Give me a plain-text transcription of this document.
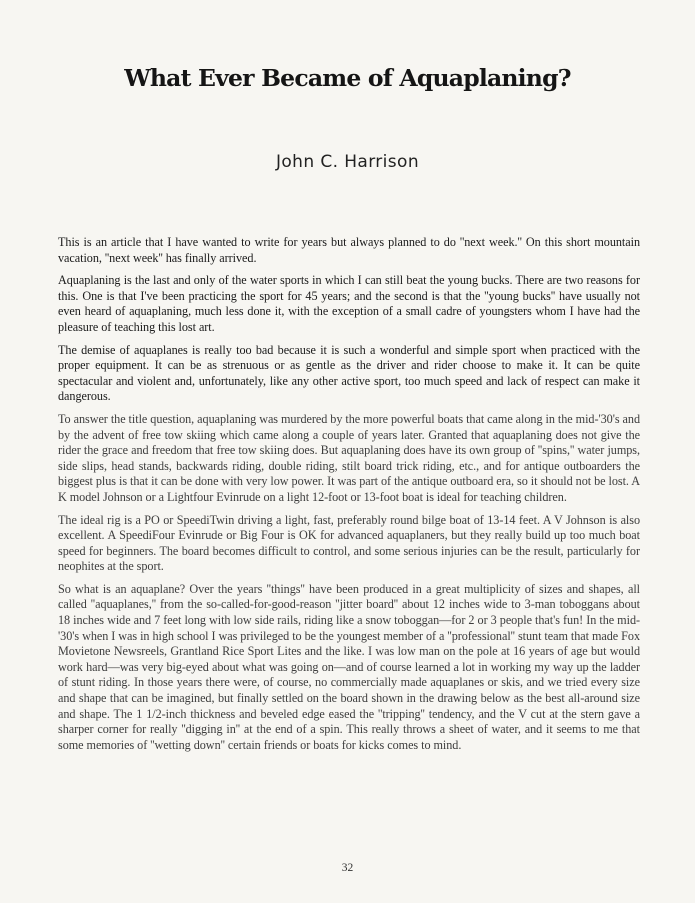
What Ever Became of Aquaplaning?
John C. Harrison

This is an article that I have wanted to write for years but always planned to do ''next week.'' On this short mountain vacation, ''next week'' has finally arrived.

Aquaplaning is the last and only of the water sports in which I can still beat the young bucks. There are two reasons for this. One is that I've been practicing the sport for 45 years; and the second is that the ''young bucks'' have usually not even heard of aquaplaning, much less done it, with the exception of a small cadre of youngsters whom I have had the pleasure of teaching this lost art.

The demise of aquaplanes is really too bad because it is such a wonderful and simple sport when practiced with the proper equipment. It can be as strenuous or as gentle as the driver and rider choose to make it. It can be quite spectacular and violent and, unfortunately, like any other active sport, too much speed and lack of respect can make it dangerous.

To answer the title question, aquaplaning was murdered by the more powerful boats that came along in the mid-'30's and by the advent of free tow skiing which came along a couple of years later. Granted that aquaplaning does not give the rider the grace and freedom that free tow skiing does. But aquaplaning does have its own group of ''spins,'' water jumps, side slips, head stands, backwards riding, double riding, stilt board trick riding, etc., and for antique outboarders the biggest plus is that it can be done with very low power. It was part of the antique outboard era, so it should not be lost. A K model Johnson or a Lightfour Evinrude on a light 12-foot or 13-foot boat is ideal for teaching children.

The ideal rig is a PO or SpeediTwin driving a light, fast, preferably round bilge boat of 13-14 feet. A V Johnson is also excellent. A SpeediFour Evinrude or Big Four is OK for advanced aquaplaners, but they really build up too much boat speed for beginners. The board becomes difficult to control, and some serious injuries can be the result, particularly for neophites at the sport.

So what is an aquaplane? Over the years ''things'' have been produced in a great multiplicity of sizes and shapes, all called ''aquaplanes,'' from the so-called-for-good-reason ''jitter board'' about 12 inches wide to 3-man toboggans about 18 inches wide and 7 feet long with low side rails, riding like a snow toboggan—for 2 or 3 people that's fun! In the mid-'30's when I was in high school I was privileged to be the youngest member of a ''professional'' stunt team that made Fox Movietone Newsreels, Grantland Rice Sport Lites and the like. I was low man on the pole at 16 years of age but would work hard—was very big-eyed about what was going on—and of course learned a lot in working my way up the ladder of stunt riding. In those years there were, of course, no commercially made aquaplanes or skis, and we tried every size and shape that can be imagined, but finally settled on the board shown in the drawing below as the best all-around size and shape. The 1 1/2-inch thickness and beveled edge eased the ''tripping'' tendency, and the V cut at the stern gave a sharper corner for really ''digging in'' at the end of a spin. This really throws a sheet of water, and it seems to me that some memories of ''wetting down'' certain friends or boats for kicks comes to mind.

32
